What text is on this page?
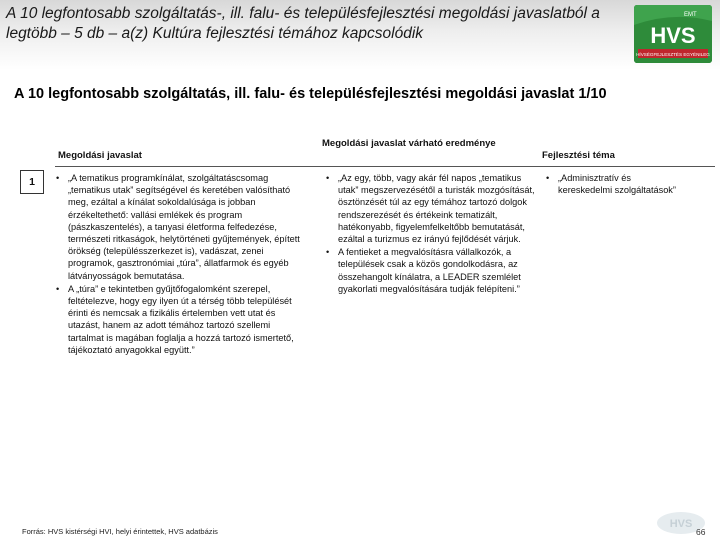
A 10 legfontosabb szolgáltatás-, ill. falu- és településfejlesztési megoldási javaslatból a legtöbb – 5 db – a(z) Kultúra fejlesztési témához kapcsolódik
EMT
HVS
HÍVSÉGFEJLESZTÉS EGYÉNILEG
A 10 legfontosabb szolgáltatás, ill. falu- és településfejlesztési megoldási javaslat 1/10
Megoldási javaslat
Megoldási javaslat várható eredménye
Fejlesztési téma
1	• „A tematikus programkínálat, szolgáltatáscsomag „tematikus utak” segítségével és keretében valósítható meg, ezáltal a kínálat sokoldalúsága is jobban érzékeltethető: vallási emlékek és program (pászkaszentelés), a tanyasi életforma felfedezése, természeti ritkaságok, helytörténeti gyűjtemények, épített örökség (településszerkezet is), vadászat, zenei programok, gasztronómiai „túra”, állatfarmok és egyéb látványosságok bemutatása.
• A „túra” e tekintetben gyűjtőfogalomként szerepel, feltételezve, hogy egy ilyen út a térség több települését érinti és nemcsak a fizikális értelemben vett utat és utazást, hanem az adott témához tartozó szellemi tartalmat is magában foglalja a hozzá tartozó ismertető, tájékoztató anyagokkal együtt.”
• „Az egy, több, vagy akár fél napos „tematikus utak” megszervezésétől a turisták mozgósítását, ösztönzését túl az egy témához tartozó dolgok rendszerezését és értékeink tematizált, hatékonyabb, figyelemfelkeltőbb bemutatását, ezáltal a turizmus ez irányú fejlődését várjuk.
• A fentieket a megvalósításra vállalkozók, a települések csak a közös gondolkodásra, az összehangolt kínálatra, a LEADER szemlélet gyakorlati megvalósítására tudják felépíteni.”
• „Adminisztratív és kereskedelmi szolgáltatások”
Forrás: HVS kistérségi HVI, helyi érintettek, HVS adatbázis
HVS
66
